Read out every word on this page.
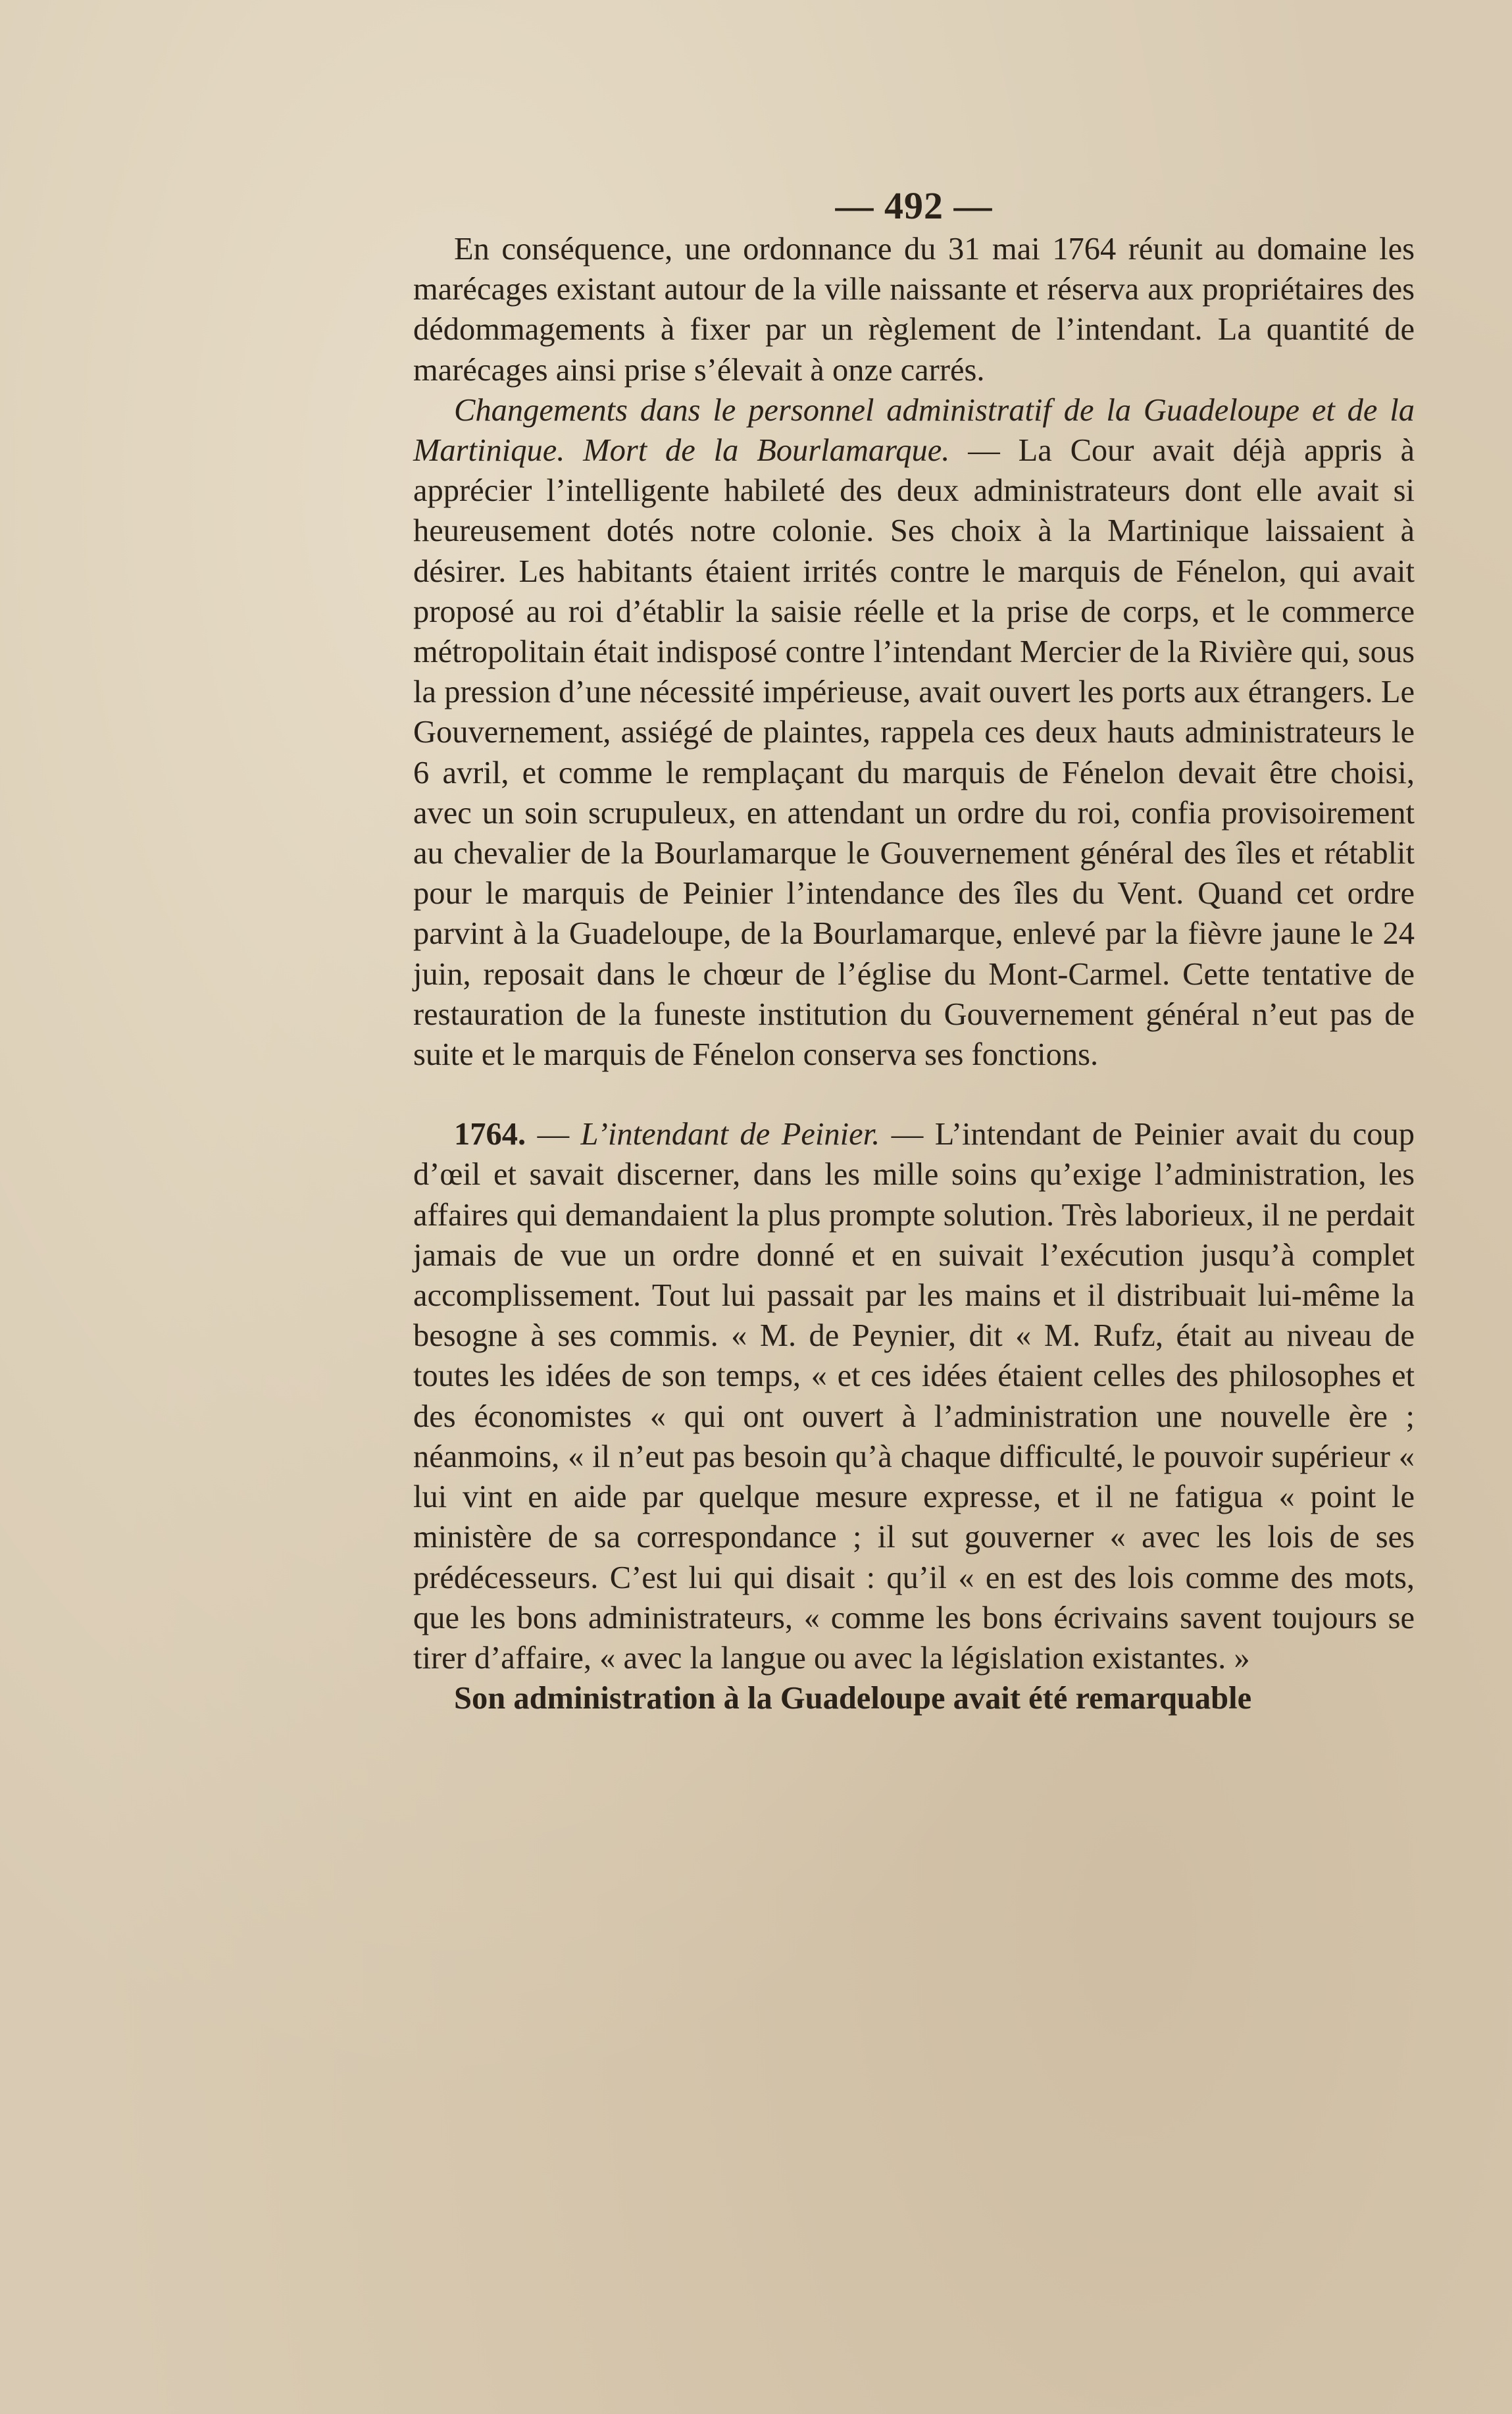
— 492 —

En conséquence, une ordonnance du 31 mai 1764 réunit au domaine les marécages existant autour de la ville naissante et réserva aux propriétaires des dédommagements à fixer par un règlement de l’intendant. La quantité de marécages ainsi prise s’élevait à onze carrés.

Changements dans le personnel administratif de la Guadeloupe et de la Martinique. Mort de la Bourlamarque. — La Cour avait déjà appris à apprécier l’intelligente habileté des deux administrateurs dont elle avait si heureusement dotés notre colonie. Ses choix à la Martinique laissaient à désirer. Les habitants étaient irrités contre le marquis de Fénelon, qui avait proposé au roi d’établir la saisie réelle et la prise de corps, et le commerce métropolitain était indisposé contre l’intendant Mercier de la Rivière qui, sous la pression d’une nécessité impérieuse, avait ouvert les ports aux étrangers. Le Gouvernement, assiégé de plaintes, rappela ces deux hauts administrateurs le 6 avril, et comme le remplaçant du marquis de Fénelon devait être choisi, avec un soin scrupuleux, en attendant un ordre du roi, confia provisoirement au chevalier de la Bourlamarque le Gouvernement général des îles et rétablit pour le marquis de Peinier l’intendance des îles du Vent. Quand cet ordre parvint à la Guadeloupe, de la Bourlamarque, enlevé par la fièvre jaune le 24 juin, reposait dans le chœur de l’église du Mont-Carmel. Cette tentative de restauration de la funeste institution du Gouvernement général n’eut pas de suite et le marquis de Fénelon conserva ses fonctions.

1764. — L’intendant de Peinier. — L’intendant de Peinier avait du coup d’œil et savait discerner, dans les mille soins qu’exige l’administration, les affaires qui demandaient la plus prompte solution. Très laborieux, il ne perdait jamais de vue un ordre donné et en suivait l’exécution jusqu’à complet accomplissement. Tout lui passait par les mains et il distribuait lui-même la besogne à ses commis. « M. de Peynier, dit « M. Rufz, était au niveau de toutes les idées de son temps, « et ces idées étaient celles des philosophes et des économistes « qui ont ouvert à l’administration une nouvelle ère ; néanmoins, « il n’eut pas besoin qu’à chaque difficulté, le pouvoir supérieur « lui vint en aide par quelque mesure expresse, et il ne fatigua « point le ministère de sa correspondance ; il sut gouverner « avec les lois de ses prédécesseurs. C’est lui qui disait : qu’il « en est des lois comme des mots, que les bons administrateurs, « comme les bons écrivains savent toujours se tirer d’affaire, « avec la langue ou avec la législation existantes. »

Son administration à la Guadeloupe avait été remarquable
